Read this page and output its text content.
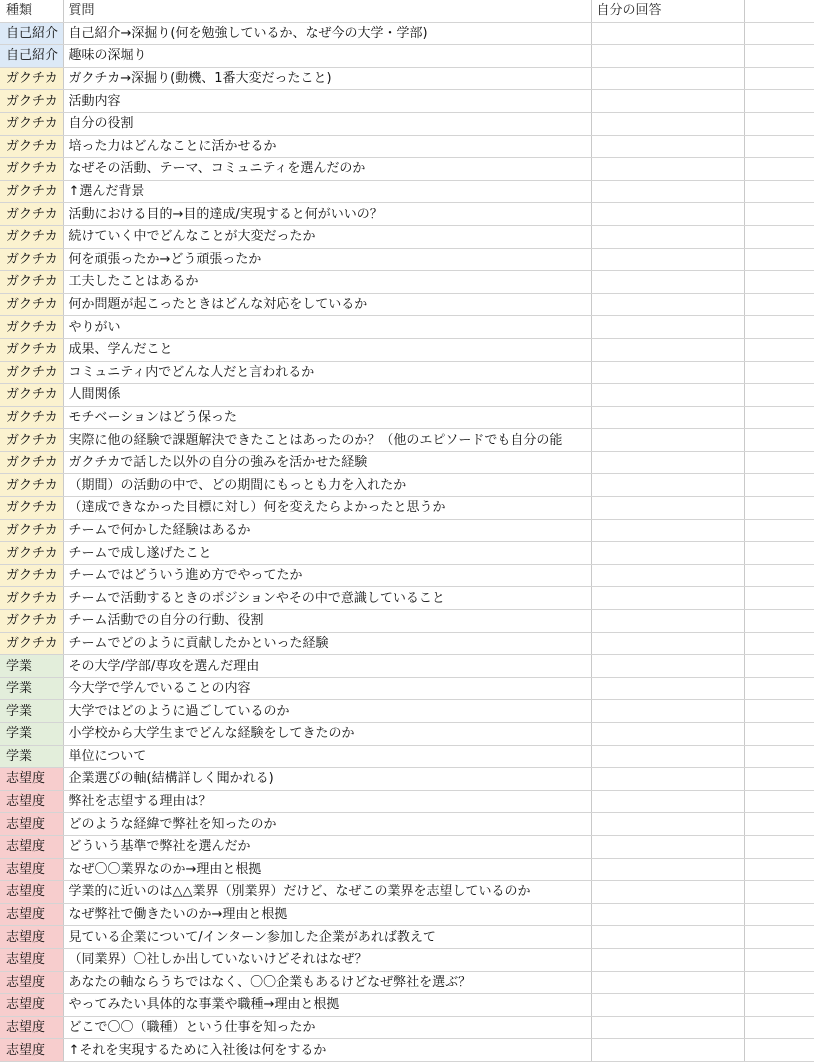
種類	質問	自分の回答	
自己紹介	自己紹介→深掘り(何を勉強しているか、なぜ今の大学・学部)		
自己紹介	趣味の深堀り		
ガクチカ	ガクチカ→深掘り(動機、1番大変だったこと)		
ガクチカ	活動内容		
ガクチカ	自分の役割		
ガクチカ	培った力はどんなことに活かせるか		
ガクチカ	なぜその活動、テーマ、コミュニティを選んだのか		
ガクチカ	↑選んだ背景		
ガクチカ	活動における目的→目的達成/実現すると何がいいの？		
ガクチカ	続けていく中でどんなことが大変だったか		
ガクチカ	何を頑張ったか→どう頑張ったか		
ガクチカ	工夫したことはあるか		
ガクチカ	何か問題が起こったときはどんな対応をしているか		
ガクチカ	やりがい		
ガクチカ	成果、学んだこと		
ガクチカ	コミュニティ内でどんな人だと言われるか		
ガクチカ	人間関係		
ガクチカ	モチベーションはどう保った		
ガクチカ	実際に他の経験で課題解決できたことはあったのか？（他のエピソードでも自分の能		
ガクチカ	ガクチカで話した以外の自分の強みを活かせた経験		
ガクチカ	（期間）の活動の中で、どの期間にもっとも力を入れたか		
ガクチカ	（達成できなかった目標に対し）何を変えたらよかったと思うか		
ガクチカ	チームで何かした経験はあるか		
ガクチカ	チームで成し遂げたこと		
ガクチカ	チームではどういう進め方でやってたか		
ガクチカ	チームで活動するときのポジションやその中で意識していること		
ガクチカ	チーム活動での自分の行動、役割		
ガクチカ	チームでどのように貢献したかといった経験		
学業	その大学/学部/専攻を選んだ理由		
学業	今大学で学んでいることの内容		
学業	大学ではどのように過ごしているのか		
学業	小学校から大学生までどんな経験をしてきたのか		
学業	単位について		
志望度	企業選びの軸(結構詳しく聞かれる)		
志望度	弊社を志望する理由は？		
志望度	どのような経緯で弊社を知ったのか		
志望度	どういう基準で弊社を選んだか		
志望度	なぜ〇〇業界なのか→理由と根拠		
志望度	学業的に近いのは△△業界（別業界）だけど、なぜこの業界を志望しているのか		
志望度	なぜ弊社で働きたいのか→理由と根拠		
志望度	見ている企業について/インターン参加した企業があれば教えて		
志望度	（同業界）〇社しか出していないけどそれはなぜ？		
志望度	あなたの軸ならうちではなく、〇〇企業もあるけどなぜ弊社を選ぶ？		
志望度	やってみたい具体的な事業や職種→理由と根拠		
志望度	どこで〇〇（職種）という仕事を知ったか		
志望度	↑それを実現するために入社後は何をするか		
